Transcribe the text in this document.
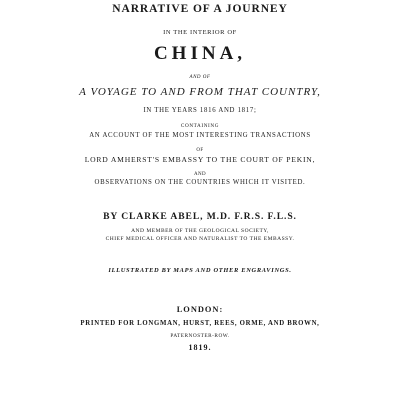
NARRATIVE OF A JOURNEY
IN THE INTERIOR OF
CHINA,
AND OF
A VOYAGE TO AND FROM THAT COUNTRY,
IN THE YEARS 1816 AND 1817;
CONTAINING
AN ACCOUNT OF THE MOST INTERESTING TRANSACTIONS
OF
LORD AMHERST'S EMBASSY TO THE COURT OF PEKIN,
AND
OBSERVATIONS ON THE COUNTRIES WHICH IT VISITED.
BY CLARKE ABEL, M.D. F.R.S. F.L.S.
AND MEMBER OF THE GEOLOGICAL SOCIETY,
CHIEF MEDICAL OFFICER AND NATURALIST TO THE EMBASSY.
ILLUSTRATED BY MAPS AND OTHER ENGRAVINGS.
LONDON:
PRINTED FOR LONGMAN, HURST, REES, ORME, AND BROWN,
PATERNOSTER-ROW.
1819.
